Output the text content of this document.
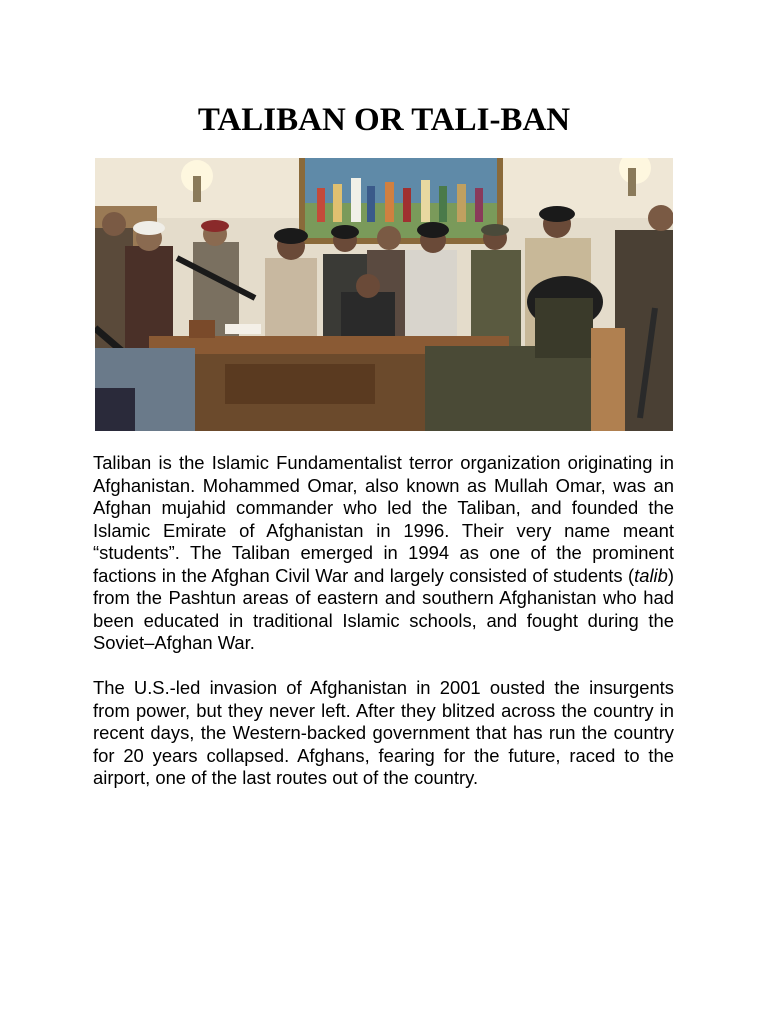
TALIBAN OR TALI-BAN

Taliban is the Islamic Fundamentalist terror organization originating in Afghanistan. Mohammed Omar, also known as Mullah Omar, was an Afghan mujahid commander who led the Taliban, and founded the Islamic Emirate of Afghanistan in 1996. Their very name meant “students”. The Taliban emerged in 1994 as one of the prominent factions in the Afghan Civil War and largely consisted of students (talib) from the Pashtun areas of eastern and southern Afghanistan who had been educated in traditional Islamic schools, and fought during the Soviet–Afghan War.

The U.S.-led invasion of Afghanistan in 2001 ousted the insurgents from power, but they never left. After they blitzed across the country in recent days, the Western-backed government that has run the country for 20 years collapsed. Afghans, fearing for the future, raced to the airport, one of the last routes out of the country.
